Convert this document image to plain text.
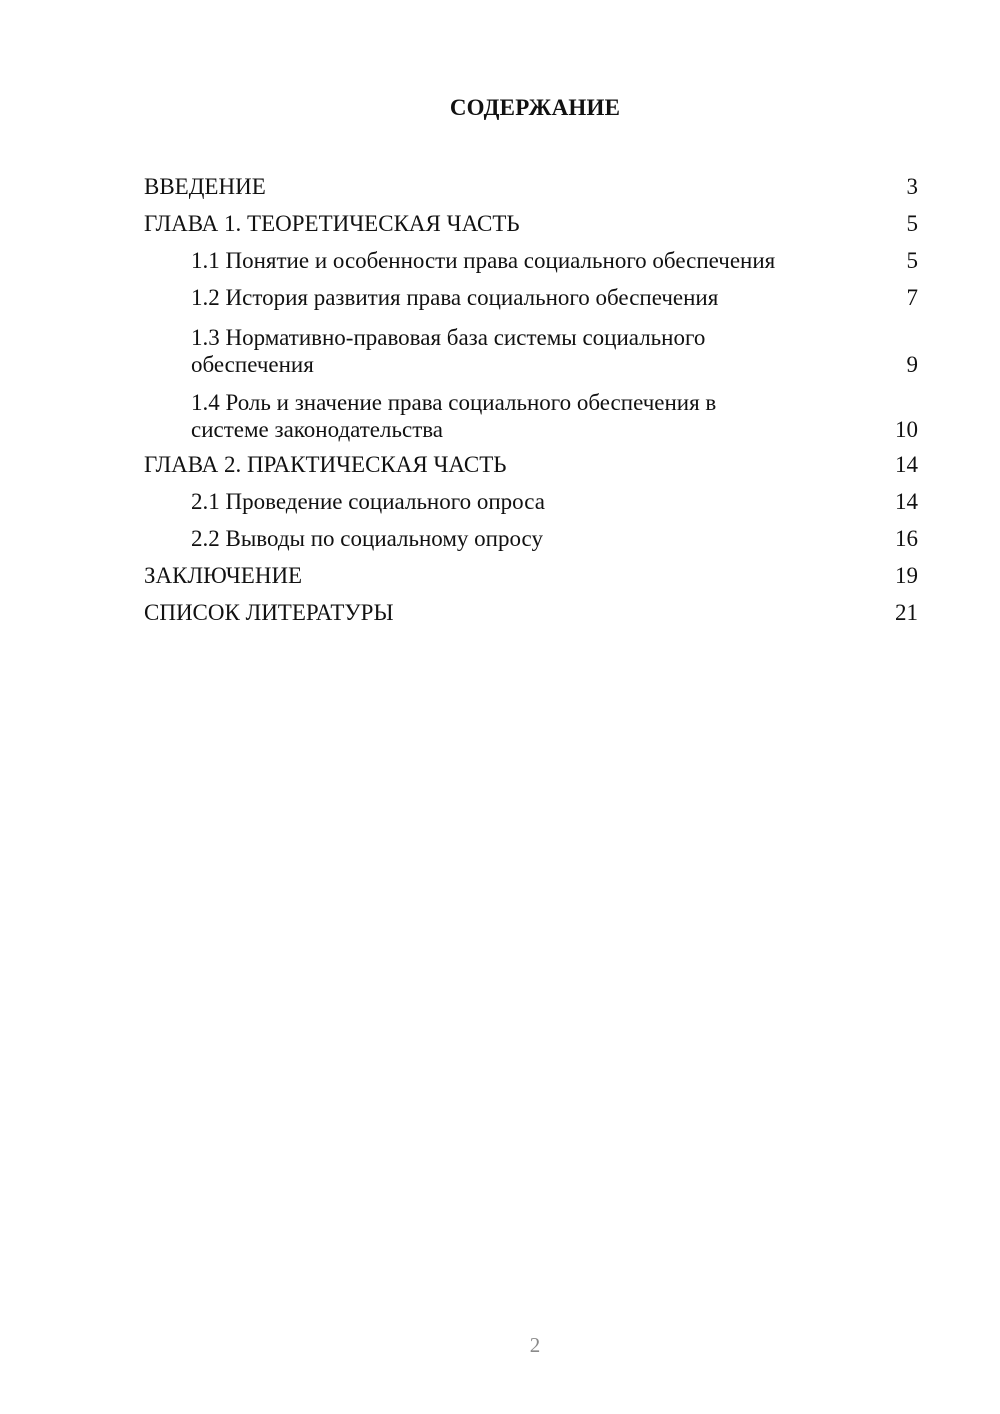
СОДЕРЖАНИЕ
ВВЕДЕНИЕ	3
ГЛАВА 1. ТЕОРЕТИЧЕСКАЯ ЧАСТЬ	5
1.1 Понятие и особенности права социального обеспечения	5
1.2 История развития права социального обеспечения	7
1.3 Нормативно-правовая база системы социального обеспечения	9
1.4 Роль и значение права социального обеспечения в системе законодательства	10
ГЛАВА 2. ПРАКТИЧЕСКАЯ ЧАСТЬ	14
2.1 Проведение социального опроса	14
2.2 Выводы по социальному опросу	16
ЗАКЛЮЧЕНИЕ	19
СПИСОК ЛИТЕРАТУРЫ	21
2
